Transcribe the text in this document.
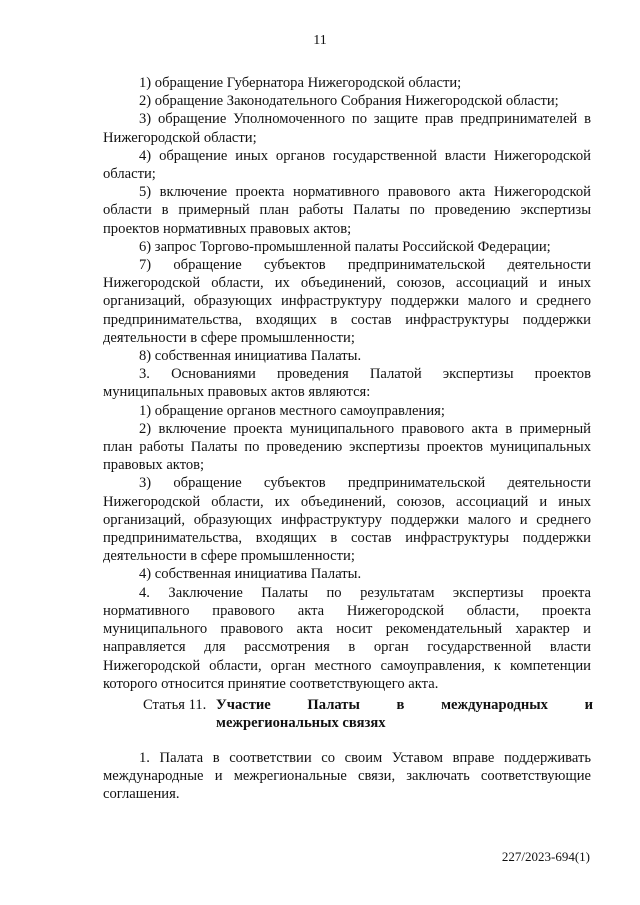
11

1) обращение Губернатора Нижегородской области;

2) обращение Законодательного Собрания Нижегородской области;

3) обращение Уполномоченного по защите прав предпринимателей в Нижегородской области;

4) обращение иных органов государственной власти Нижегородской области;

5) включение проекта нормативного правового акта Нижегородской области в примерный план работы Палаты по проведению экспертизы проектов нормативных правовых актов;

6) запрос Торгово-промышленной палаты Российской Федерации;

7) обращение субъектов предпринимательской деятельности Нижегородской области, их объединений, союзов, ассоциаций и иных организаций, образующих инфраструктуру поддержки малого и среднего предпринимательства, входящих в состав инфраструктуры поддержки деятельности в сфере промышленности;

8) собственная инициатива Палаты.

3. Основаниями проведения Палатой экспертизы проектов муниципальных правовых актов являются:

1) обращение органов местного самоуправления;

2) включение проекта муниципального правового акта в примерный план работы Палаты по проведению экспертизы проектов муниципальных правовых актов;

3) обращение субъектов предпринимательской деятельности Нижегородской области, их объединений, союзов, ассоциаций и иных организаций, образующих инфраструктуру поддержки малого и среднего предпринимательства, входящих в состав инфраструктуры поддержки деятельности в сфере промышленности;

4) собственная инициатива Палаты.

4. Заключение Палаты по результатам экспертизы проекта нормативного правового акта Нижегородской области, проекта муниципального правового акта носит рекомендательный характер и направляется для рассмотрения в орган государственной власти Нижегородской области, орган местного самоуправления, к компетенции которого относится принятие соответствующего акта.

Статья 11. Участие Палаты в международных и
межрегиональных связях

1. Палата в соответствии со своим Уставом вправе поддерживать международные и межрегиональные связи, заключать соответствующие соглашения.

227/2023-694(1)
